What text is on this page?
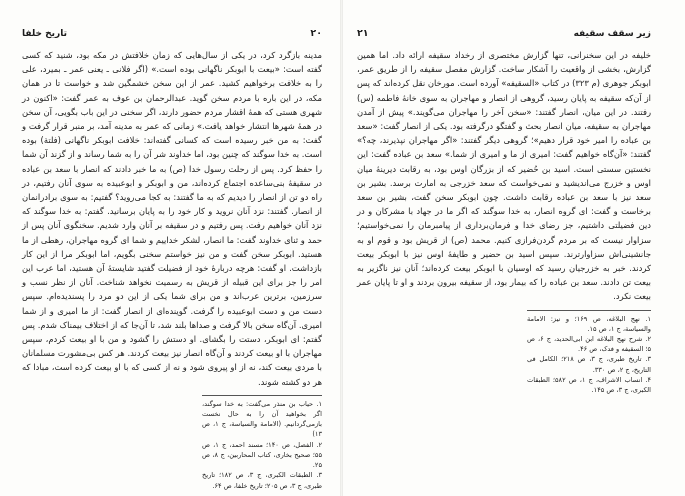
۲۰
تاریخ خلفا

مدینه بازگرد کرد، در یکی از سال‌هایی که زمان خلافتش در مکه بود، شنید که کسی گفته است: «بیعت با ابوبکر ناگهانی بوده است.» (اگر فلانی ـ یعنی عمر ـ بمیرد، علی را به خلافت برخواهیم کشید. عمر از این سخن خشمگین شد و خواست تا در همان مکه، در این باره با مردم سخن گوید. عبدالرحمان بن عوف به عمر گفت: «اکنون در شهری هستی که همهٔ اقشار مردم حضور دارند، اگر سخنی در این باب بگویی، آن سخن در همهٔ شهرها انتشار خواهد یافت.» زمانی که عمر به مدینه آمد، بر منبر قرار گرفت و گفت: به من خبر رسیده است که کسانی گفته‌اند: خلافت ابوبکر ناگهانی (فلتة) بوده است. به خدا سوگند که چنین بود، اما خداوند شر آن را به شما رساند و از گزند آن شما را حفظ کرد. پس از رحلت رسول خدا (ص) به ما خبر دادند که انصار با سعد بن عباده در سقیفهٔ بنی‌ساعده اجتماع کرده‌اند، من و ابوبکر و ابوعبیده به سوی آنان رفتیم، در راه دو تن از انصار را دیدیم که به ما گفتند: به کجا می‌روید؟ گفتیم: به سوی برادرانمان از انصار. گفتند: نزد آنان نروید و کار خود را به پایان برسانید. گفتم: به خدا سوگند که نزد آنان خواهیم رفت. پس رفتیم و در سقیفه بر آنان وارد شدیم. سخنگوی آنان پس از حمد و ثنای خداوند گفت: ما انصار، لشکر خداییم و شما ای گروه مهاجران، رهطی از ما هستید. ابوبکر سخن گفت و من نیز خواستم سخنی بگویم، اما ابوبکر مرا از این کار بازداشت. او گفت: هرچه دربارهٔ خود از فضیلت گفتید شایستهٔ آن هستید، اما عرب این امر را جز برای این قبیله از قریش به رسمیت نخواهد شناخت. آنان از نظر نسب و سرزمین، برترین عرب‌اند و من برای شما یکی از این دو مرد را پسندیده‌ام. سپس دست من و دست ابوعبیده را گرفت. گوینده‌ای از انصار گفت: از ما امیری و از شما امیری. آن‌گاه سخن بالا گرفت و صداها بلند شد، تا آن‌جا که از اختلاف بیمناک شدم. پس گفتم: ای ابوبکر، دستت را بگشای. او دستش را گشود و من با او بیعت کردم، سپس مهاجران با او بیعت کردند و آن‌گاه انصار نیز بیعت کردند. هر کس بی‌مشورت مسلمانان با مردی بیعت کند، نه از او پیروی شود و نه از کسی که با او بیعت کرده است، مبادا که هر دو کشته شوند.

۱. حیاب بن منذر می‌گفت: به خدا سوگند، اگر بخواهید آن را به حال نخست بازمی‌گردانیم. (الامامة والسیاسة، ج ۱، ص ۱۳)

۲. الفصل، ص ۱۴۰؛ مسند احمد، ج ۱، ص ۵۵؛ صحیح بخاری، کتاب المحاربین، ج ۸، ص ۲۵.

۳. الطبقات الکبری، ج ۳، ص ۱۸۲؛ تاریخ طبری، ج ۳، ص ۲۰۵؛ تاریخ خلفا، ص ۶۴.

زیر سقف سقیفه
۲۱

خلیفه در این سخنرانی، تنها گزارش مختصری از رخداد سقیفه ارائه داد. اما همین گزارش، بخشی از واقعیت را آشکار ساخت. گزارش مفصل سقیفه را از طریق عمر، ابوبکر جوهری (م ۳۲۳) در کتاب «السقیفه» آورده است. مورخان نقل کرده‌اند که پس از آن‌که سقیفه به پایان رسید، گروهی از انصار و مهاجران به سوی خانهٔ فاطمه (س) رفتند. در این میان، انصار گفتند: «سخن آخر را مهاجران می‌گویند.» پیش از آمدن مهاجران به سقیفه، میان انصار بحث و گفتگو درگرفته بود. یکی از انصار گفت: «سعد بن عباده را امیر خود قرار دهیم»؛ گروهی دیگر گفتند: «اگر مهاجران نپذیرند، چه؟» گفتند: «آن‌گاه خواهیم گفت: امیری از ما و امیری از شما.» سعد بن عباده گفت: این نخستین سستی است. اسید بن حُضیر که از بزرگان اوس بود، به رقابت دیرینهٔ میان اوس و خزرج می‌اندیشید و نمی‌خواست که سعد خزرجی به امارت برسد. بشیر بن سعد نیز با سعد بن عباده رقابت داشت. چون ابوبکر سخن گفت، بشیر بن سعد برخاست و گفت: ای گروه انصار، به خدا سوگند که اگر ما در جهاد با مشرکان و در دین فضیلتی داشتیم، جز رضای خدا و فرمان‌برداری از پیامبرمان را نمی‌خواستیم؛ سزاوار نیست که بر مردم گردن‌فرازی کنیم. محمد (ص) از قریش بود و قوم او به جانشینی‌اش سزاوارترند. سپس اسید بن حضیر و طایفهٔ اوس نیز با ابوبکر بیعت کردند. خبر به خزرجیان رسید که اوسیان با ابوبکر بیعت کرده‌اند؛ آنان نیز ناگزیر به بیعت تن دادند. سعد بن عباده را که بیمار بود، از سقیفه بیرون بردند و او تا پایان عمر بیعت نکرد.

۱. نهج البلاغه، ص ۱۶۹؛ و نیز: الامامة والسیاسة، ج ۱، ص ۱۵.

۲. شرح نهج البلاغه ابن ابی‌الحدید، ج ۶، ص ۵؛ السقیفه و فدک، ص ۴۶.

۳. تاریخ طبری، ج ۳، ص ۲۱۸؛ الکامل فی التاریخ، ج ۲، ص ۳۳۰.

۴. انساب الاشراف، ج ۱، ص ۵۸۲؛ الطبقات الکبری، ج ۳، ص ۱۴۵.
